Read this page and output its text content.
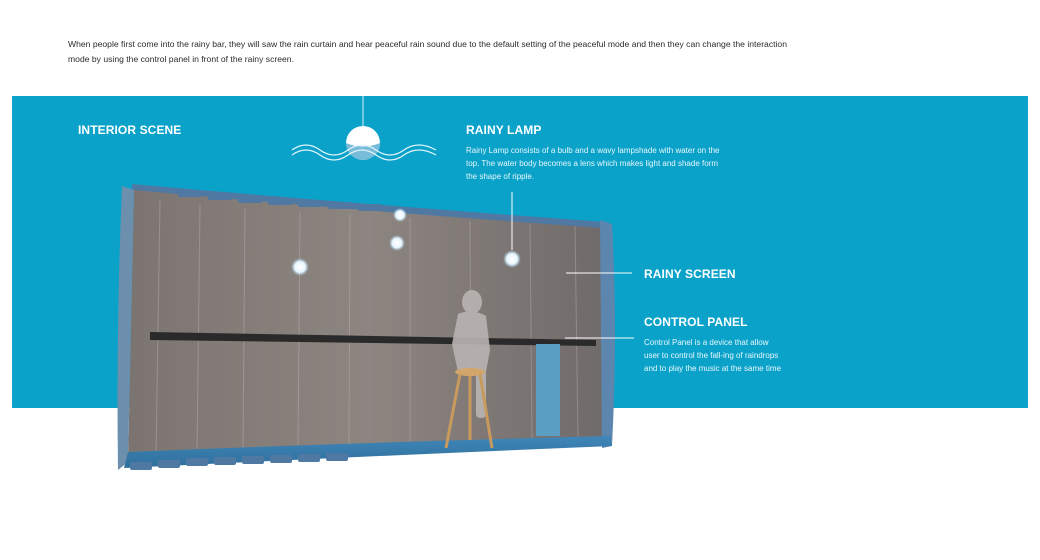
When people first come into the rainy bar, they will saw the rain curtain and hear peaceful rain sound due to the default setting of the peaceful mode and then they can change the interaction mode by using the control panel in front of the rainy screen.

INTERIOR SCENE	RAINY LAMP

Rainy Lamp consists of a bulb and a wavy lampshade with water on the top. The water body becomes a lens which makes light and shade form the shape of ripple.

RAINY SCREEN
CONTROL PANEL

Control Panel is a device that allow user to control the fall-ing of raindrops and to play the music at the same time
